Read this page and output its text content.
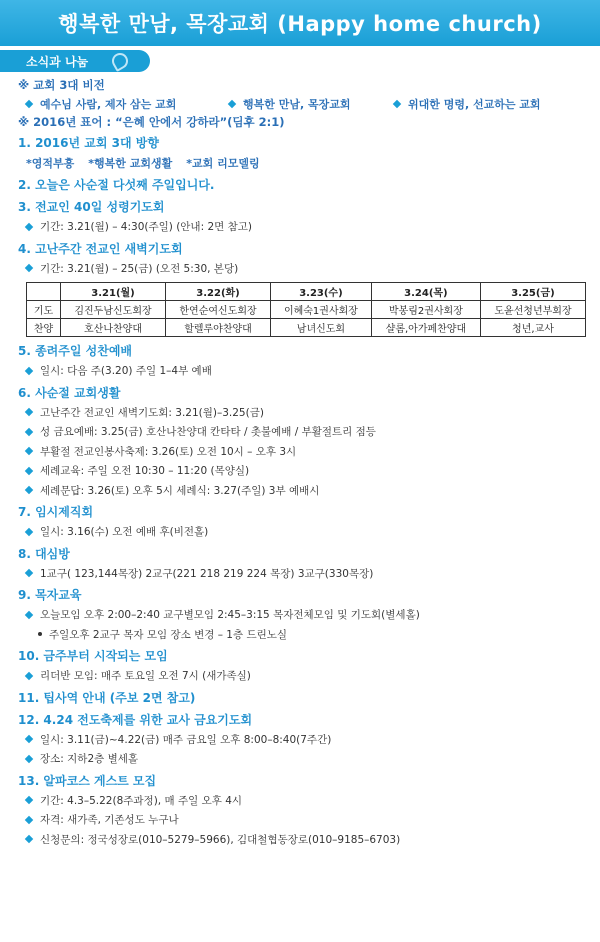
행복한 만남, 목장교회 (Happy home church)
소식과 나눔
※ 교회 3대 비전
예수님 사람, 제자 삼는 교회	행복한 만남, 목장교회	위대한 명령, 선교하는 교회
※ 2016년 표어 : “은혜 안에서 강하라”(딤후 2:1)
1. 2016년 교회 3대 방향
*영적부흥 *행복한 교회생활 *교회 리모델링
2. 오늘은 사순절 다섯째 주일입니다.
3. 전교인 40일 성령기도회
기간: 3.21(월) – 4:30(주일) (안내: 2면 참고)
4. 고난주간 전교인 새벽기도회
기간: 3.21(월) – 25(금) (오전 5:30, 본당)
	3.21(월)	3.22(화)	3.23(수)	3.24(목)	3.25(금)
기도	김진두남신도회장	한연순여신도회장	이혜숙1권사회장	박봉림2권사회장	도윤선청년부회장
찬양	호산나찬양대	할렐루야찬양대	남녀신도회	샬롬,아가페찬양대	청년,교사
5. 종려주일 성찬예배
일시: 다음 주(3.20) 주일 1–4부 예배
6. 사순절 교회생활
고난주간 전교인 새벽기도회: 3.21(월)–3.25(금)
성 금요예배: 3.25(금) 호산나찬양대 칸타타 / 촛불예배 / 부활절트리 점등
부활절 전교인봉사축제: 3.26(토) 오전 10시 – 오후 3시
세례교육: 주일 오전 10:30 – 11:20 (목양실)
세례문답: 3.26(토) 오후 5시 세례식: 3.27(주일) 3부 예배시
7. 임시제직회
일시: 3.16(수) 오전 예배 후(비전홀)
8. 대심방
1교구( 123,144목장) 2교구(221 218 219 224 목장) 3교구(330목장)
9. 목자교육
오늘모임 오후 2:00–2:40 교구별모임 2:45–3:15 목자전체모임 및 기도회(별세홀)
주일오후 2교구 목자 모임 장소 변경 – 1층 드린노실
10. 금주부터 시작되는 모임
리더반 모임: 매주 토요일 오전 7시 (새가족실)
11. 팁사역 안내 (주보 2면 참고)
12. 4.24 전도축제를 위한 교사 금요기도회
일시: 3.11(금)~4.22(금) 매주 금요일 오후 8:00–8:40(7주간)
장소: 지하2층 별세홀
13. 알파코스 게스트 모집
기간: 4.3–5.22(8주과정), 매 주일 오후 4시
자격: 새가족, 기존성도 누구나
신청문의: 정국성장로(010–5279–5966), 김대철협동장로(010–9185–6703)
